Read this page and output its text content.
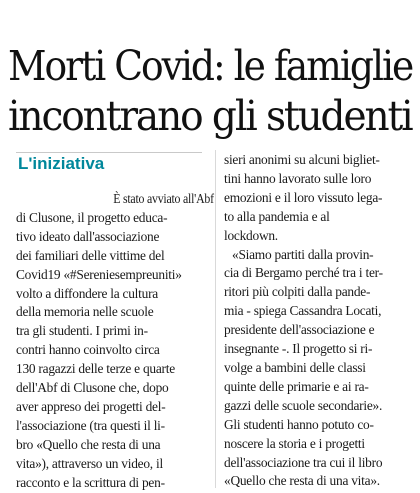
Morti Covid: le famiglie
incontrano gli studenti
L'iniziativa
È stato avviato all'Abf
di Clusone, il progetto educa-
tivo ideato dall'associazione
dei familiari delle vittime del
Covid19 «#Sereniesempreuniti»
volto a diffondere la cultura
della memoria nelle scuole
tra gli studenti. I primi in-
contri hanno coinvolto circa
130 ragazzi delle terze e quarte
dell'Abf di Clusone che, dopo
aver appreso dei progetti del-
l'associazione (tra questi il li-
bro «Quello che resta di una
vita»), attraverso un video, il
racconto e la scrittura di pen-
sieri anonimi su alcuni bigliet-
tini hanno lavorato sulle loro
emozioni e il loro vissuto lega-
to alla pandemia e al
lockdown.
«Siamo partiti dalla provin-
cia di Bergamo perché tra i ter-
ritori più colpiti dalla pande-
mia - spiega Cassandra Locati,
presidente dell'associazione e
insegnante -. Il progetto si ri-
volge a bambini delle classi
quinte delle primarie e ai ra-
gazzi delle scuole secondarie».
Gli studenti hanno potuto co-
noscere la storia e i progetti
dell'associazione tra cui il libro
«Quello che resta di una vita».
